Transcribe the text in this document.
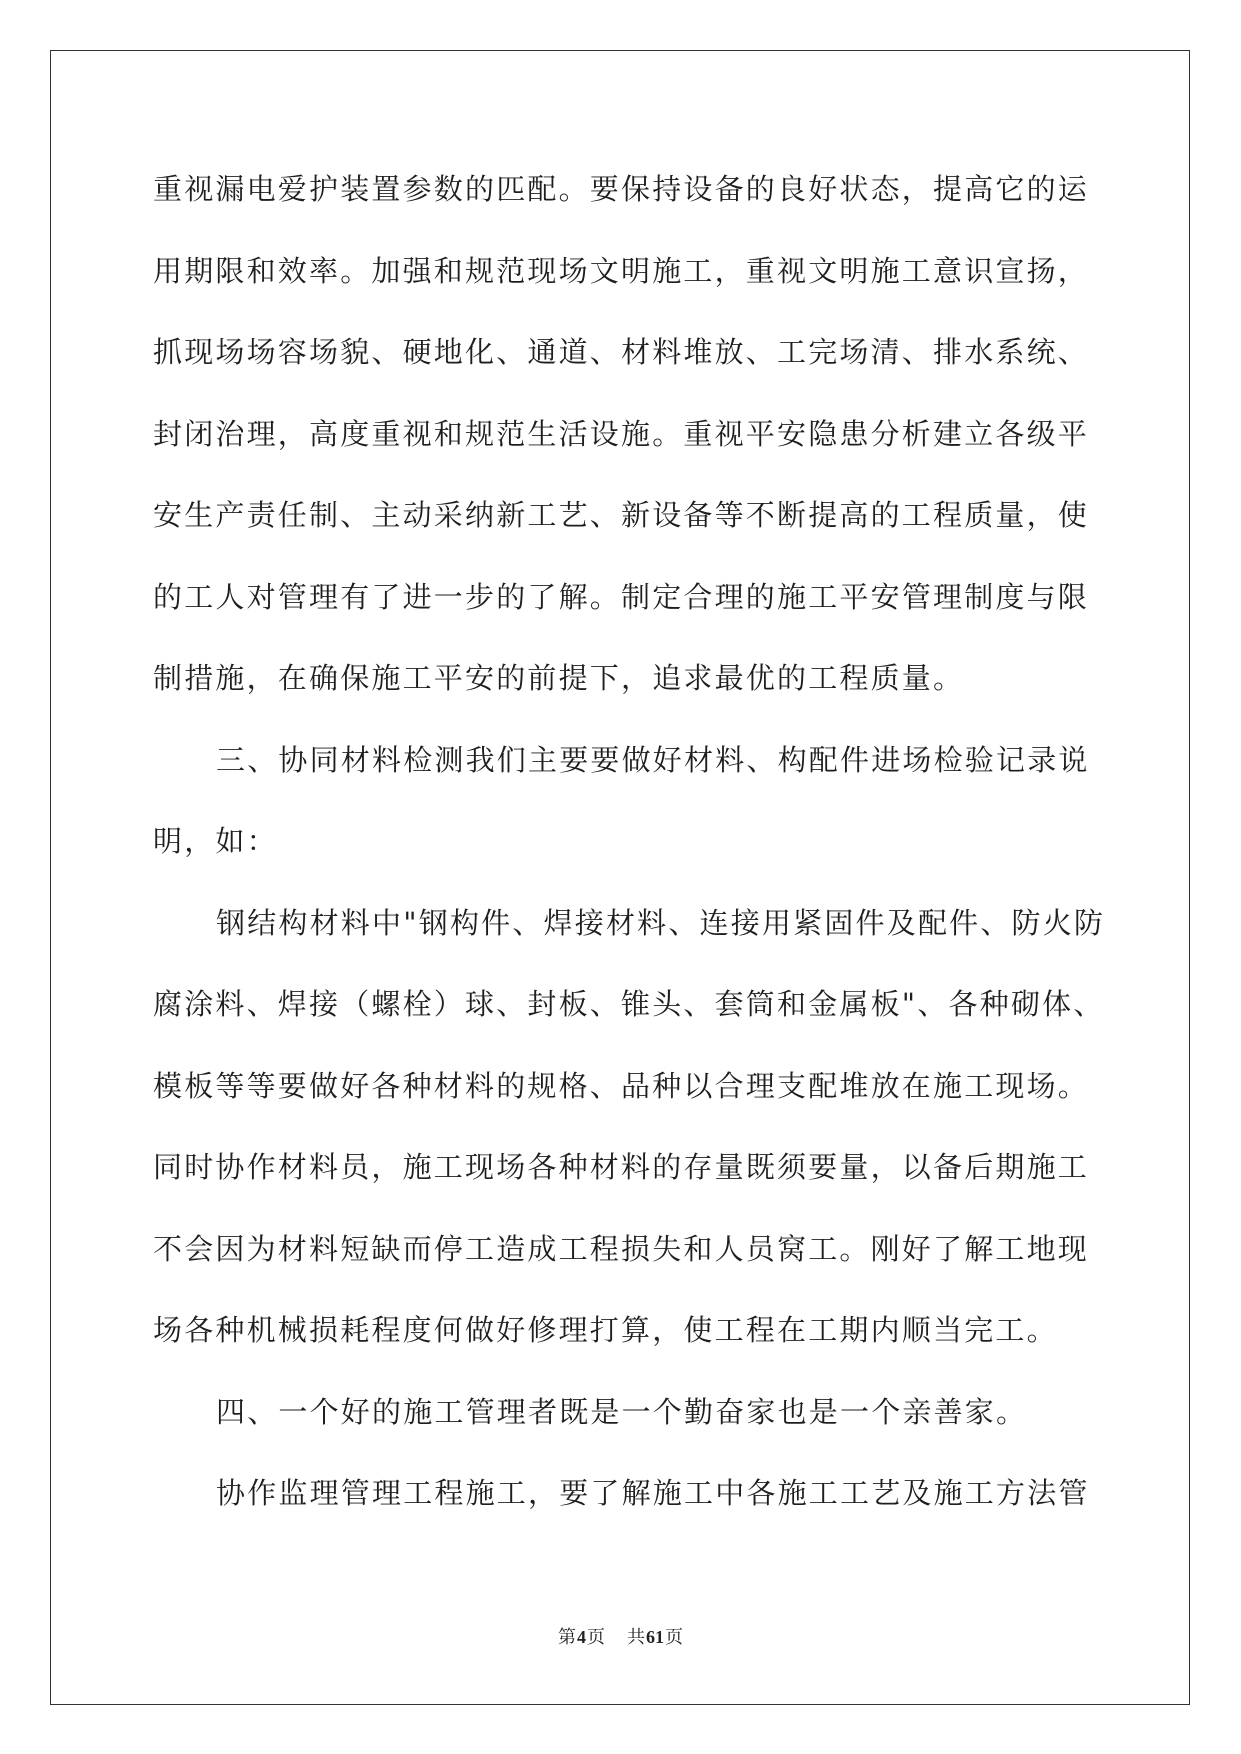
重视漏电爱护装置参数的匹配。要保持设备的良好状态，提高它的运
用期限和效率。加强和规范现场文明施工，重视文明施工意识宣扬，
抓现场场容场貌、硬地化、通道、材料堆放、工完场清、排水系统、
封闭治理，高度重视和规范生活设施。重视平安隐患分析建立各级平
安生产责任制、主动采纳新工艺、新设备等不断提高的工程质量，使
的工人对管理有了进一步的了解。制定合理的施工平安管理制度与限
制措施，在确保施工平安的前提下，追求最优的工程质量。
三、协同材料检测我们主要要做好材料、构配件进场检验记录说
明，如：
钢结构材料中"钢构件、焊接材料、连接用紧固件及配件、防火防
腐涂料、焊接（螺栓）球、封板、锥头、套筒和金属板"、各种砌体、
模板等等要做好各种材料的规格、品种以合理支配堆放在施工现场。
同时协作材料员，施工现场各种材料的存量既须要量，以备后期施工
不会因为材料短缺而停工造成工程损失和人员窝工。刚好了解工地现
场各种机械损耗程度何做好修理打算，使工程在工期内顺当完工。
四、一个好的施工管理者既是一个勤奋家也是一个亲善家。
协作监理管理工程施工，要了解施工中各施工工艺及施工方法管
第4页 共61页
